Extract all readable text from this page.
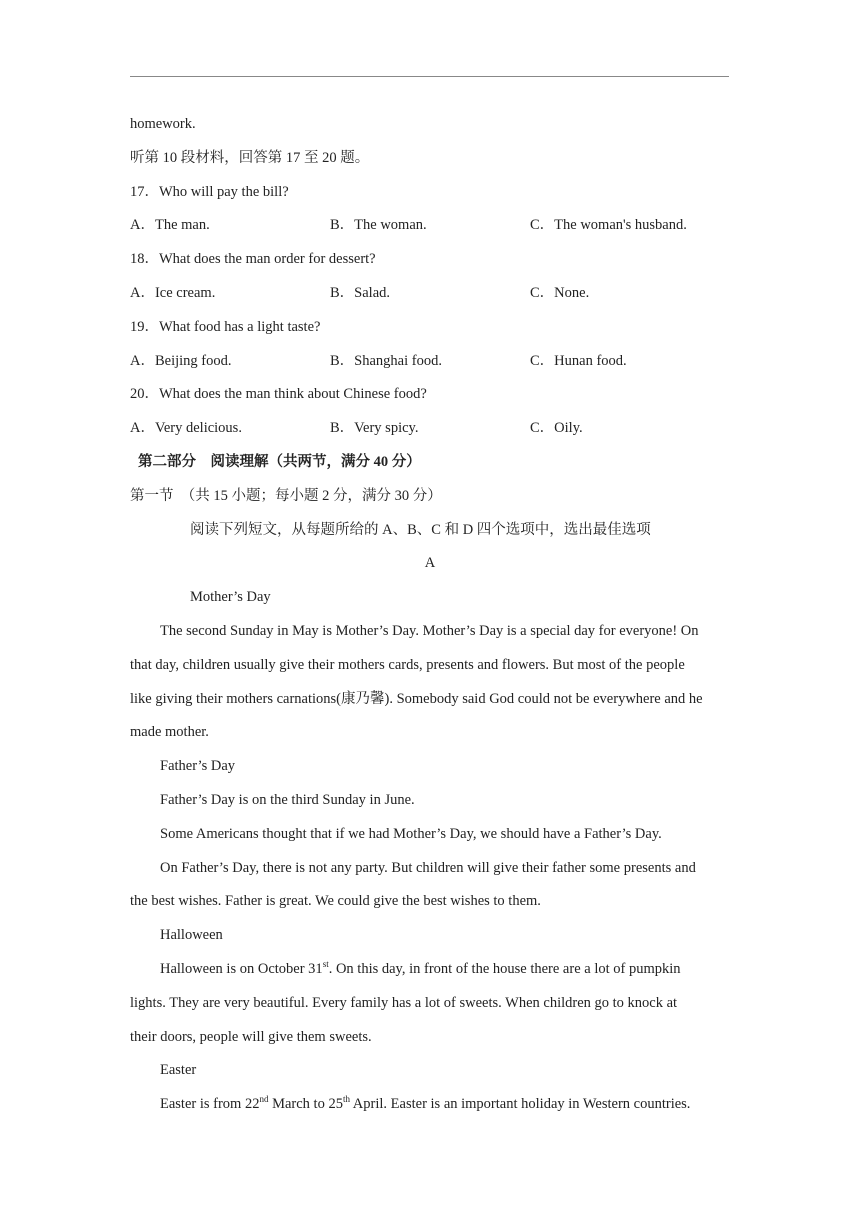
homework.
听第 10 段材料，回答第 17 至 20 题。
17．Who will pay the bill?
A．The man.	B．The woman.	C．The woman's husband.
18．What does the man order for dessert?
A．Ice cream.	B．Salad.	C．None.
19．What food has a light taste?
A．Beijing food.	B．Shanghai food.	C．Hunan food.
20．What does the man think about Chinese food?
A．Very delicious.	B．Very spicy.	C．Oily.
第二部分　阅读理解（共两节，满分 40 分）
第一节　（共 15 小题；每小题 2 分，满分 30 分）
阅读下列短文，从每题所给的 A、B、C 和 D 四个选项中，选出最佳选项
A
Mother’s Day
The second Sunday in May is Mother’s Day. Mother’s Day is a special day for everyone! On
that day, children usually give their mothers cards, presents and flowers. But most of the people
like giving their mothers carnations(康乃馨). Somebody said God could not be everywhere and he
made mother.
Father’s Day
Father’s Day is on the third Sunday in June.
Some Americans thought that if we had Mother’s Day, we should have a Father’s Day.
On Father’s Day, there is not any party. But children will give their father some presents and
the best wishes. Father is great. We could give the best wishes to them.
Halloween
Halloween is on October 31st. On this day, in front of the house there are a lot of pumpkin
lights. They are very beautiful. Every family has a lot of sweets. When children go to knock at
their doors, people will give them sweets.
Easter
Easter is from 22nd March to 25th April. Easter is an important holiday in Western countries.
